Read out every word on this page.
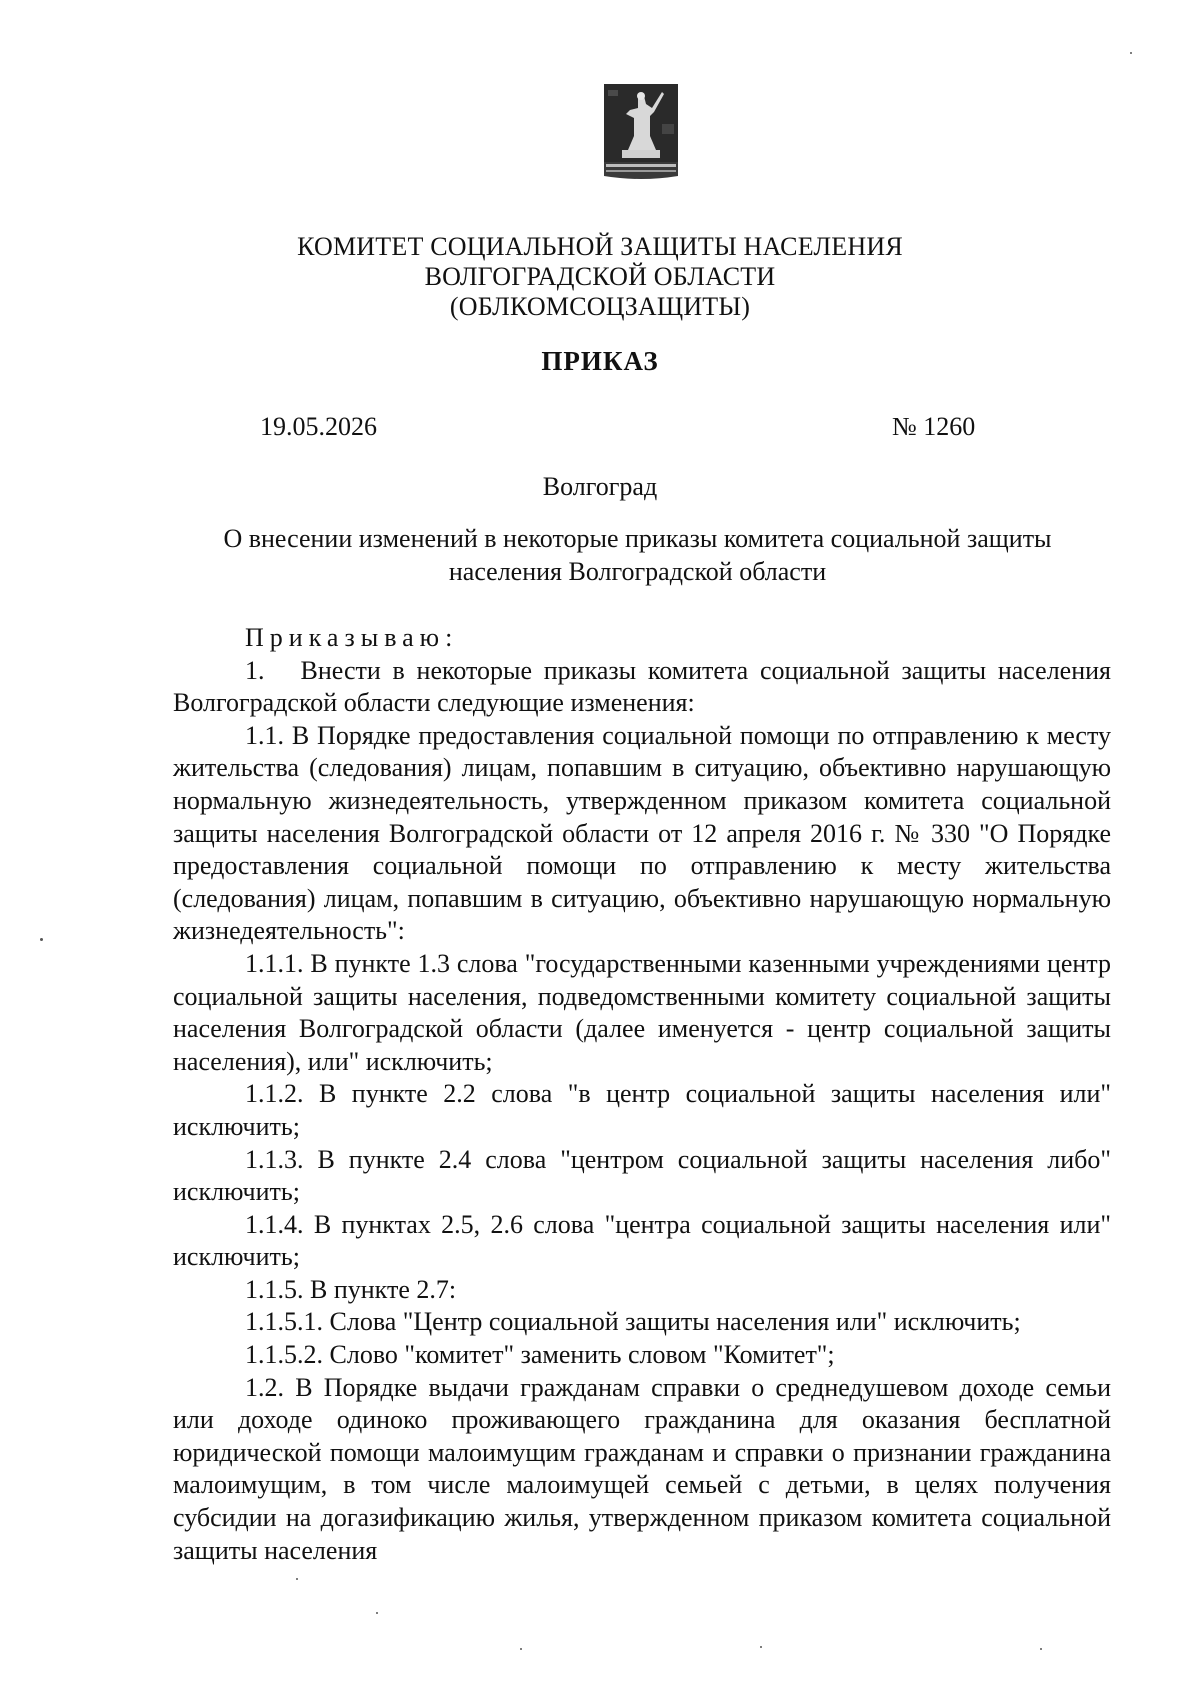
КОМИТЕТ СОЦИАЛЬНОЙ ЗАЩИТЫ НАСЕЛЕНИЯ
ВОЛГОГРАДСКОЙ ОБЛАСТИ
(ОБЛКОМСОЦЗАЩИТЫ)
ПРИКАЗ
19.05.2026	№ 1260
Волгоград
О внесении изменений в некоторые приказы комитета социальной защиты
населения Волгоградской области

Приказываю:

1. Внести в некоторые приказы комитета социальной защиты населения Волгоградской области следующие изменения:

1.1. В Порядке предоставления социальной помощи по отправлению к месту жительства (следования) лицам, попавшим в ситуацию, объективно нарушающую нормальную жизнедеятельность, утвержденном приказом комитета социальной защиты населения Волгоградской области от 12 апреля 2016 г. № 330 "О Порядке предоставления социальной помощи по отправлению к месту жительства (следования) лицам, попавшим в ситуацию, объективно нарушающую нормальную жизнедеятельность":

1.1.1. В пункте 1.3 слова "государственными казенными учреждениями центр социальной защиты населения, подведомственными комитету социальной защиты населения Волгоградской области (далее именуется - центр социальной защиты населения), или" исключить;

1.1.2. В пункте 2.2 слова "в центр социальной защиты населения или" исключить;

1.1.3. В пункте 2.4 слова "центром социальной защиты населения либо" исключить;

1.1.4. В пунктах 2.5, 2.6 слова "центра социальной защиты населения или" исключить;

1.1.5. В пункте 2.7:

1.1.5.1. Слова "Центр социальной защиты населения или" исключить;

1.1.5.2. Слово "комитет" заменить словом "Комитет";

1.2. В Порядке выдачи гражданам справки о среднедушевом доходе семьи или доходе одиноко проживающего гражданина для оказания бесплатной юридической помощи малоимущим гражданам и справки о признании гражданина малоимущим, в том числе малоимущей семьей с детьми, в целях получения субсидии на догазификацию жилья, утвержденном приказом комитета социальной защиты населения
